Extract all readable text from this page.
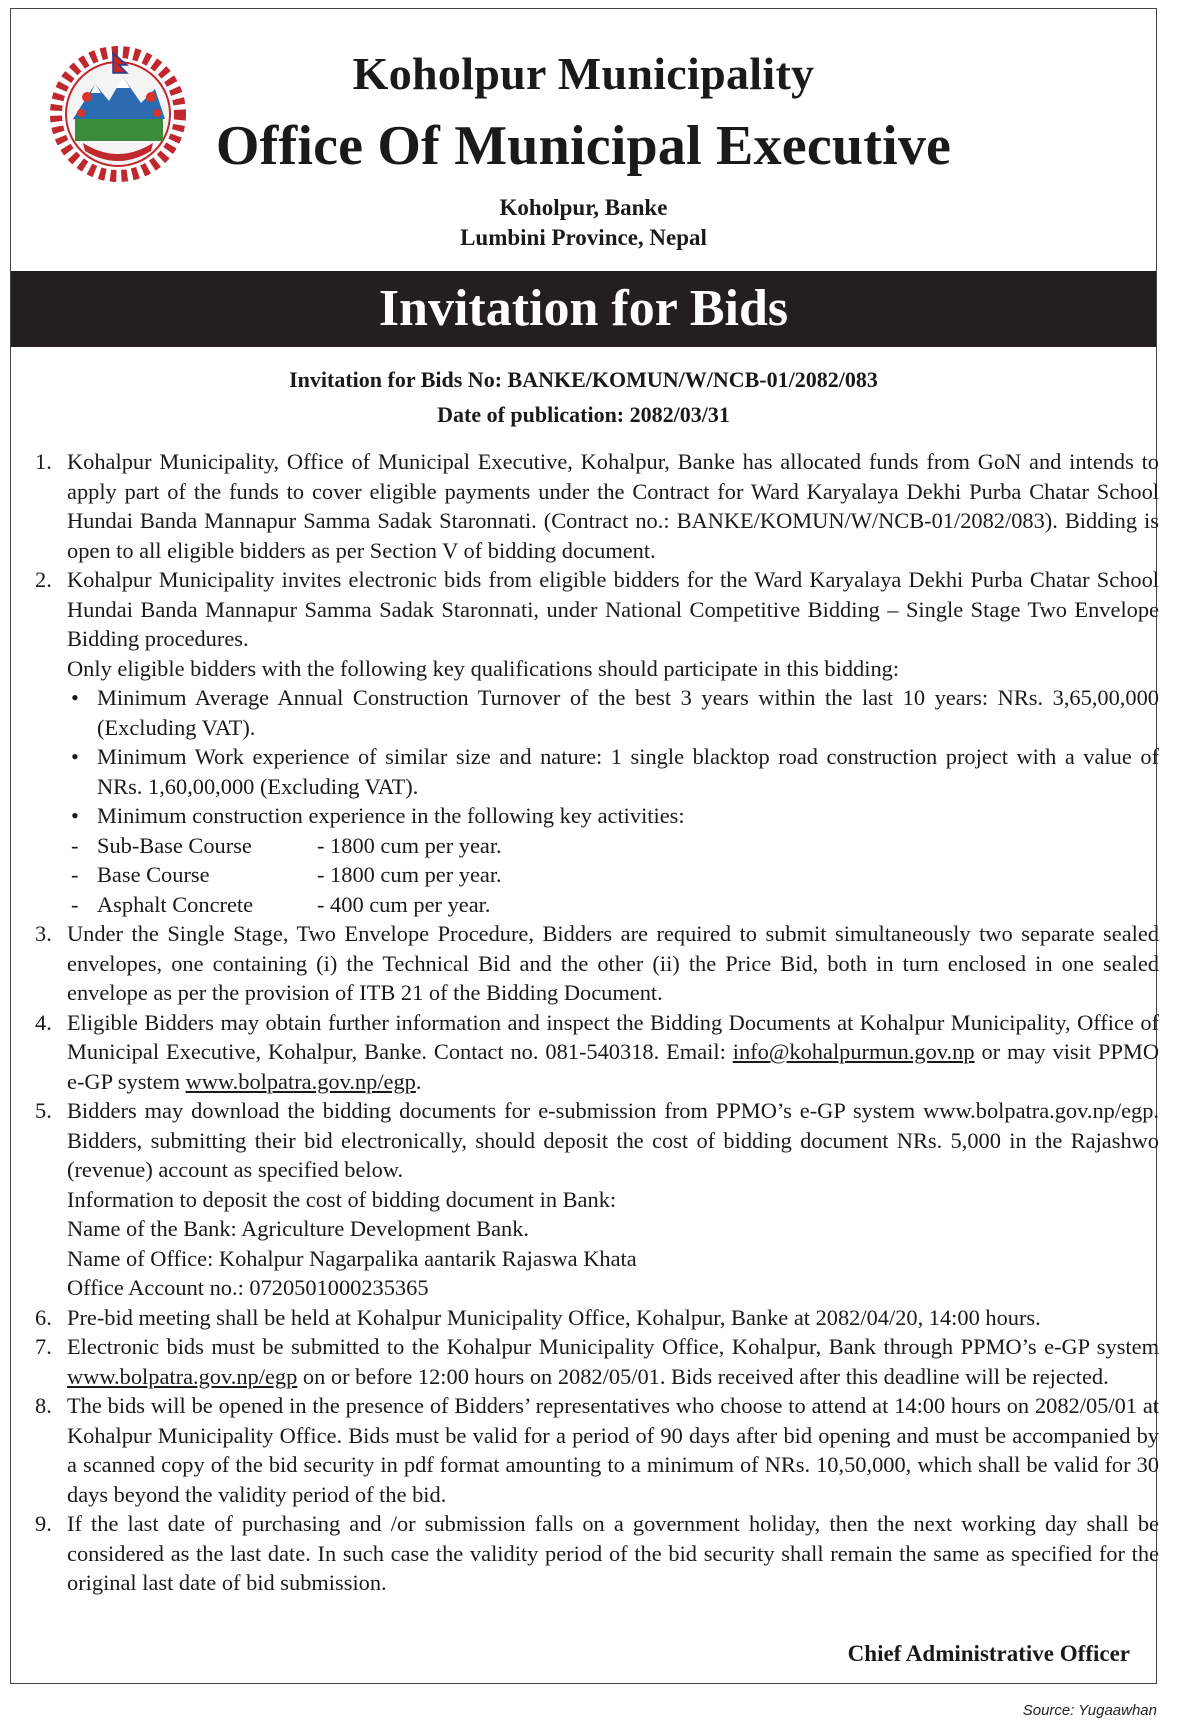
Koholpur Municipality
Office Of Municipal Executive
Koholpur, Banke
Lumbini Province, Nepal
Invitation for Bids
Invitation for Bids No: BANKE/KOMUN/W/NCB-01/2082/083
Date of publication: 2082/03/31
1. Kohalpur Municipality, Office of Municipal Executive, Kohalpur, Banke has allocated funds from GoN and intends to apply part of the funds to cover eligible payments under the Contract for Ward Karyalaya Dekhi Purba Chatar School Hundai Banda Mannapur Samma Sadak Staronnati. (Contract no.: BANKE/KOMUN/W/NCB-01/2082/083). Bidding is open to all eligible bidders as per Section V of bidding document.
2. Kohalpur Municipality invites electronic bids from eligible bidders for the Ward Karyalaya Dekhi Purba Chatar School Hundai Banda Mannapur Samma Sadak Staronnati, under National Competitive Bidding – Single Stage Two Envelope Bidding procedures.
Only eligible bidders with the following key qualifications should participate in this bidding:
• Minimum Average Annual Construction Turnover of the best 3 years within the last 10 years: NRs. 3,65,00,000 (Excluding VAT).
• Minimum Work experience of similar size and nature: 1 single blacktop road construction project with a value of NRs. 1,60,00,000 (Excluding VAT).
• Minimum construction experience in the following key activities:
- Sub-Base Course	- 1800 cum per year.
- Base Course	- 1800 cum per year.
- Asphalt Concrete	- 400 cum per year.
3. Under the Single Stage, Two Envelope Procedure, Bidders are required to submit simultaneously two separate sealed envelopes, one containing (i) the Technical Bid and the other (ii) the Price Bid, both in turn enclosed in one sealed envelope as per the provision of ITB 21 of the Bidding Document.
4. Eligible Bidders may obtain further information and inspect the Bidding Documents at Kohalpur Municipality, Office of Municipal Executive, Kohalpur, Banke. Contact no. 081-540318. Email: info@kohalpurmun.gov.np or may visit PPMO e-GP system www.bolpatra.gov.np/egp.
5. Bidders may download the bidding documents for e-submission from PPMO’s e-GP system www.bolpatra.gov.np/egp. Bidders, submitting their bid electronically, should deposit the cost of bidding document NRs. 5,000 in the Rajashwo (revenue) account as specified below.
Information to deposit the cost of bidding document in Bank:
Name of the Bank: Agriculture Development Bank.
Name of Office: Kohalpur Nagarpalika aantarik Rajaswa Khata
Office Account no.: 0720501000235365
6. Pre-bid meeting shall be held at Kohalpur Municipality Office, Kohalpur, Banke at 2082/04/20, 14:00 hours.
7. Electronic bids must be submitted to the Kohalpur Municipality Office, Kohalpur, Bank through PPMO’s e-GP system www.bolpatra.gov.np/egp on or before 12:00 hours on 2082/05/01. Bids received after this deadline will be rejected.
8. The bids will be opened in the presence of Bidders’ representatives who choose to attend at 14:00 hours on 2082/05/01 at Kohalpur Municipality Office. Bids must be valid for a period of 90 days after bid opening and must be accompanied by a scanned copy of the bid security in pdf format amounting to a minimum of NRs. 10,50,000, which shall be valid for 30 days beyond the validity period of the bid.
9. If the last date of purchasing and /or submission falls on a government holiday, then the next working day shall be considered as the last date. In such case the validity period of the bid security shall remain the same as specified for the original last date of bid submission.
Chief Administrative Officer
Source: Yugaawhan
